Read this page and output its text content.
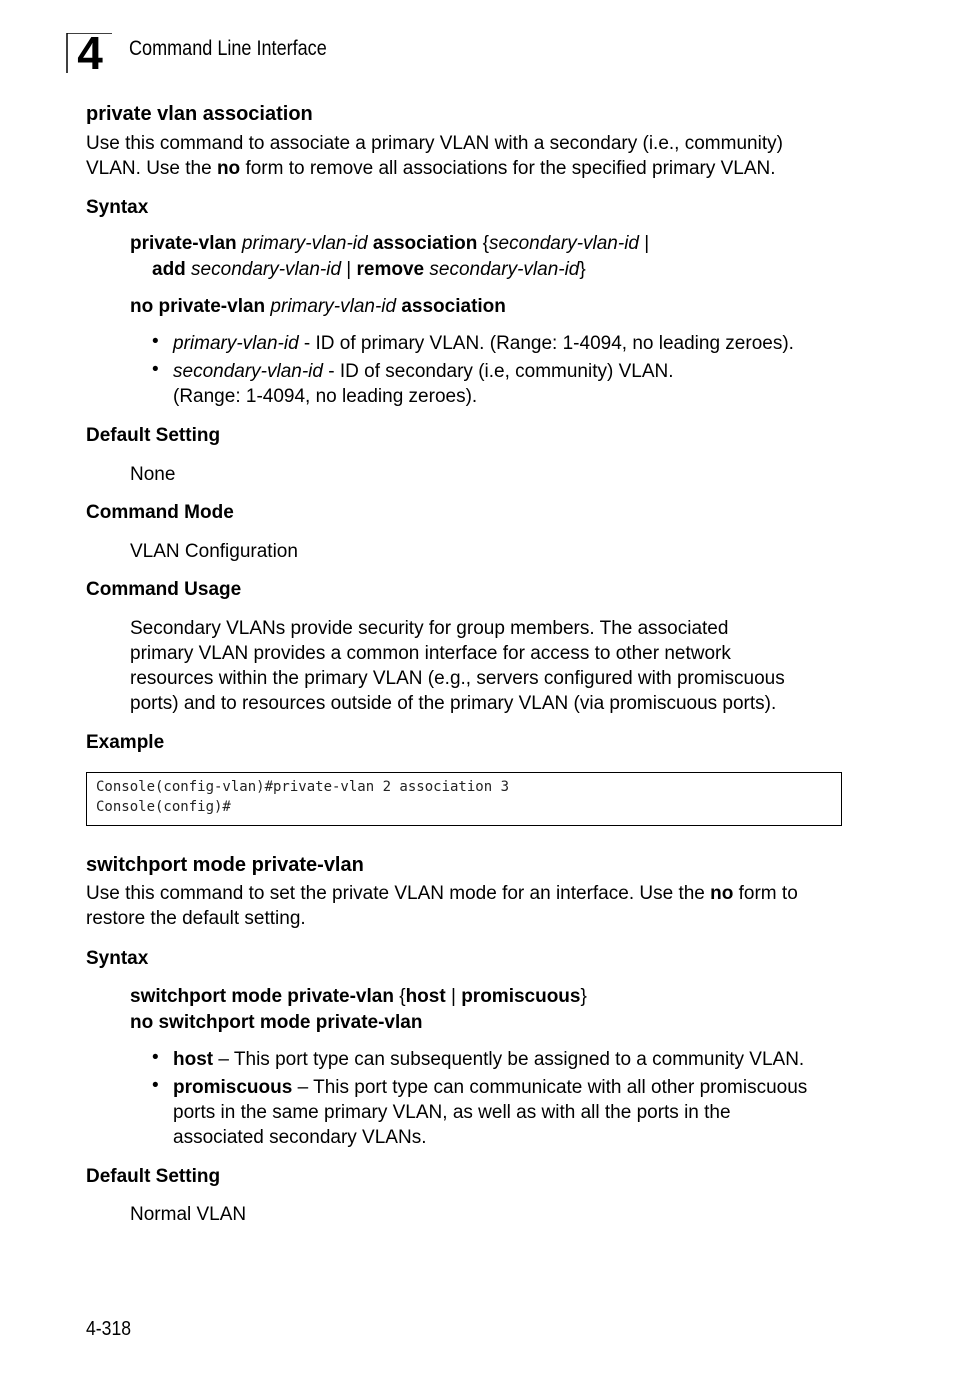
4 Command Line Interface
private vlan association
Use this command to associate a primary VLAN with a secondary (i.e., community)
VLAN. Use the no form to remove all associations for the specified primary VLAN.
Syntax
private-vlan primary-vlan-id association {secondary-vlan-id |
add secondary-vlan-id | remove secondary-vlan-id}
no private-vlan primary-vlan-id association
• primary-vlan-id - ID of primary VLAN. (Range: 1-4094, no leading zeroes).
• secondary-vlan-id - ID of secondary (i.e, community) VLAN.
(Range: 1-4094, no leading zeroes).
Default Setting
None
Command Mode
VLAN Configuration
Command Usage
Secondary VLANs provide security for group members. The associated
primary VLAN provides a common interface for access to other network
resources within the primary VLAN (e.g., servers configured with promiscuous
ports) and to resources outside of the primary VLAN (via promiscuous ports).
Example
Console(config-vlan)#private-vlan 2 association 3
Console(config)#
switchport mode private-vlan
Use this command to set the private VLAN mode for an interface. Use the no form to
restore the default setting.
Syntax
switchport mode private-vlan {host | promiscuous}
no switchport mode private-vlan
• host – This port type can subsequently be assigned to a community VLAN.
• promiscuous – This port type can communicate with all other promiscuous
ports in the same primary VLAN, as well as with all the ports in the
associated secondary VLANs.
Default Setting
Normal VLAN
4-318
